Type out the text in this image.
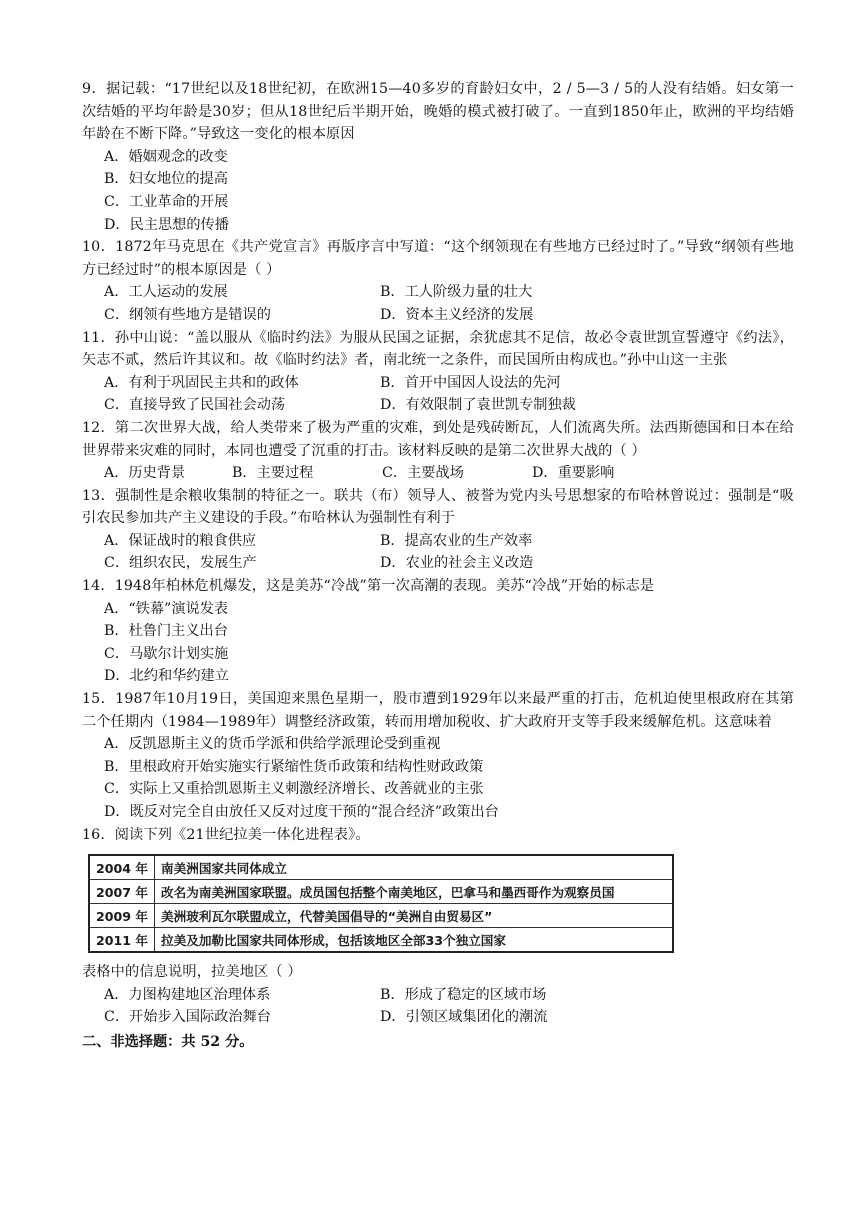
9．据记载：“17世纪以及18世纪初，在欧洲15—40多岁的育龄妇女中，2 / 5—3 / 5的人没有结婚。妇女第一次结婚的平均年龄是30岁；但从18世纪后半期开始，晚婚的模式被打破了。一直到1850年止，欧洲的平均结婚年龄在不断下降。”导致这一变化的根本原因

A．婚姻观念的改变

B．妇女地位的提高

C．工业革命的开展

D．民主思想的传播

10．1872年马克思在《共产党宣言》再版序言中写道：“这个纲领现在有些地方已经过时了。”导致“纲领有些地方已经过时”的根本原因是（ ）

A．工人运动的发展	B．工人阶级力量的壮大
C．纲领有些地方是错误的	D．资本主义经济的发展

11．孙中山说：“盖以服从《临时约法》为服从民国之证据，余犹虑其不足信，故必令袁世凯宣誓遵守《约法》，矢志不贰，然后许其议和。故《临时约法》者，南北统一之条件，而民国所由构成也。”孙中山这一主张

A．有利于巩固民主共和的政体	B．首开中国因人设法的先河
C．直接导致了民国社会动荡	D．有效限制了袁世凯专制独裁

12．第二次世界大战，给人类带来了极为严重的灾难，到处是残砖断瓦，人们流离失所。法西斯德国和日本在给世界带来灾难的同时，本同也遭受了沉重的打击。该材料反映的是第二次世界大战的（ ）

A．历史背景	B．主要过程	C．主要战场	D．重要影响

13．强制性是余粮收集制的特征之一。联共（布）领导人、被誉为党内头号思想家的布哈林曾说过：强制是“吸引农民参加共产主义建设的手段。”布哈林认为强制性有利于

A．保证战时的粮食供应	B．提高农业的生产效率
C．组织农民，发展生产	D．农业的社会主义改造

14．1948年柏林危机爆发，这是美苏“冷战”第一次高潮的表现。美苏“冷战”开始的标志是

A．“铁幕”演说发表

B．杜鲁门主义出台

C．马歇尔计划实施

D．北约和华约建立

15．1987年10月19日，美国迎来黑色星期一，股市遭到1929年以来最严重的打击，危机迫使里根政府在其第二个任期内（1984—1989年）调整经济政策，转而用增加税收、扩大政府开支等手段来缓解危机。这意味着

A．反凯恩斯主义的货币学派和供给学派理论受到重视

B．里根政府开始实施实行紧缩性货币政策和结构性财政政策

C．实际上又重拾凯恩斯主义刺激经济增长、改善就业的主张

D．既反对完全自由放任又反对过度干预的“混合经济”政策出台

16．阅读下列《21世纪拉美一体化进程表》。

2004 年	南美洲国家共同体成立
2007 年	改名为南美洲国家联盟。成员国包括整个南美地区，巴拿马和墨西哥作为观察员国
2009 年	美洲玻利瓦尔联盟成立，代替美国倡导的“美洲自由贸易区”
2011 年	拉美及加勒比国家共同体形成，包括该地区全部33个独立国家

表格中的信息说明，拉美地区（ ）

A．力图构建地区治理体系	B．形成了稳定的区域市场
C．开始步入国际政治舞台	D．引领区域集团化的潮流
二、非选择题：共 52 分。
